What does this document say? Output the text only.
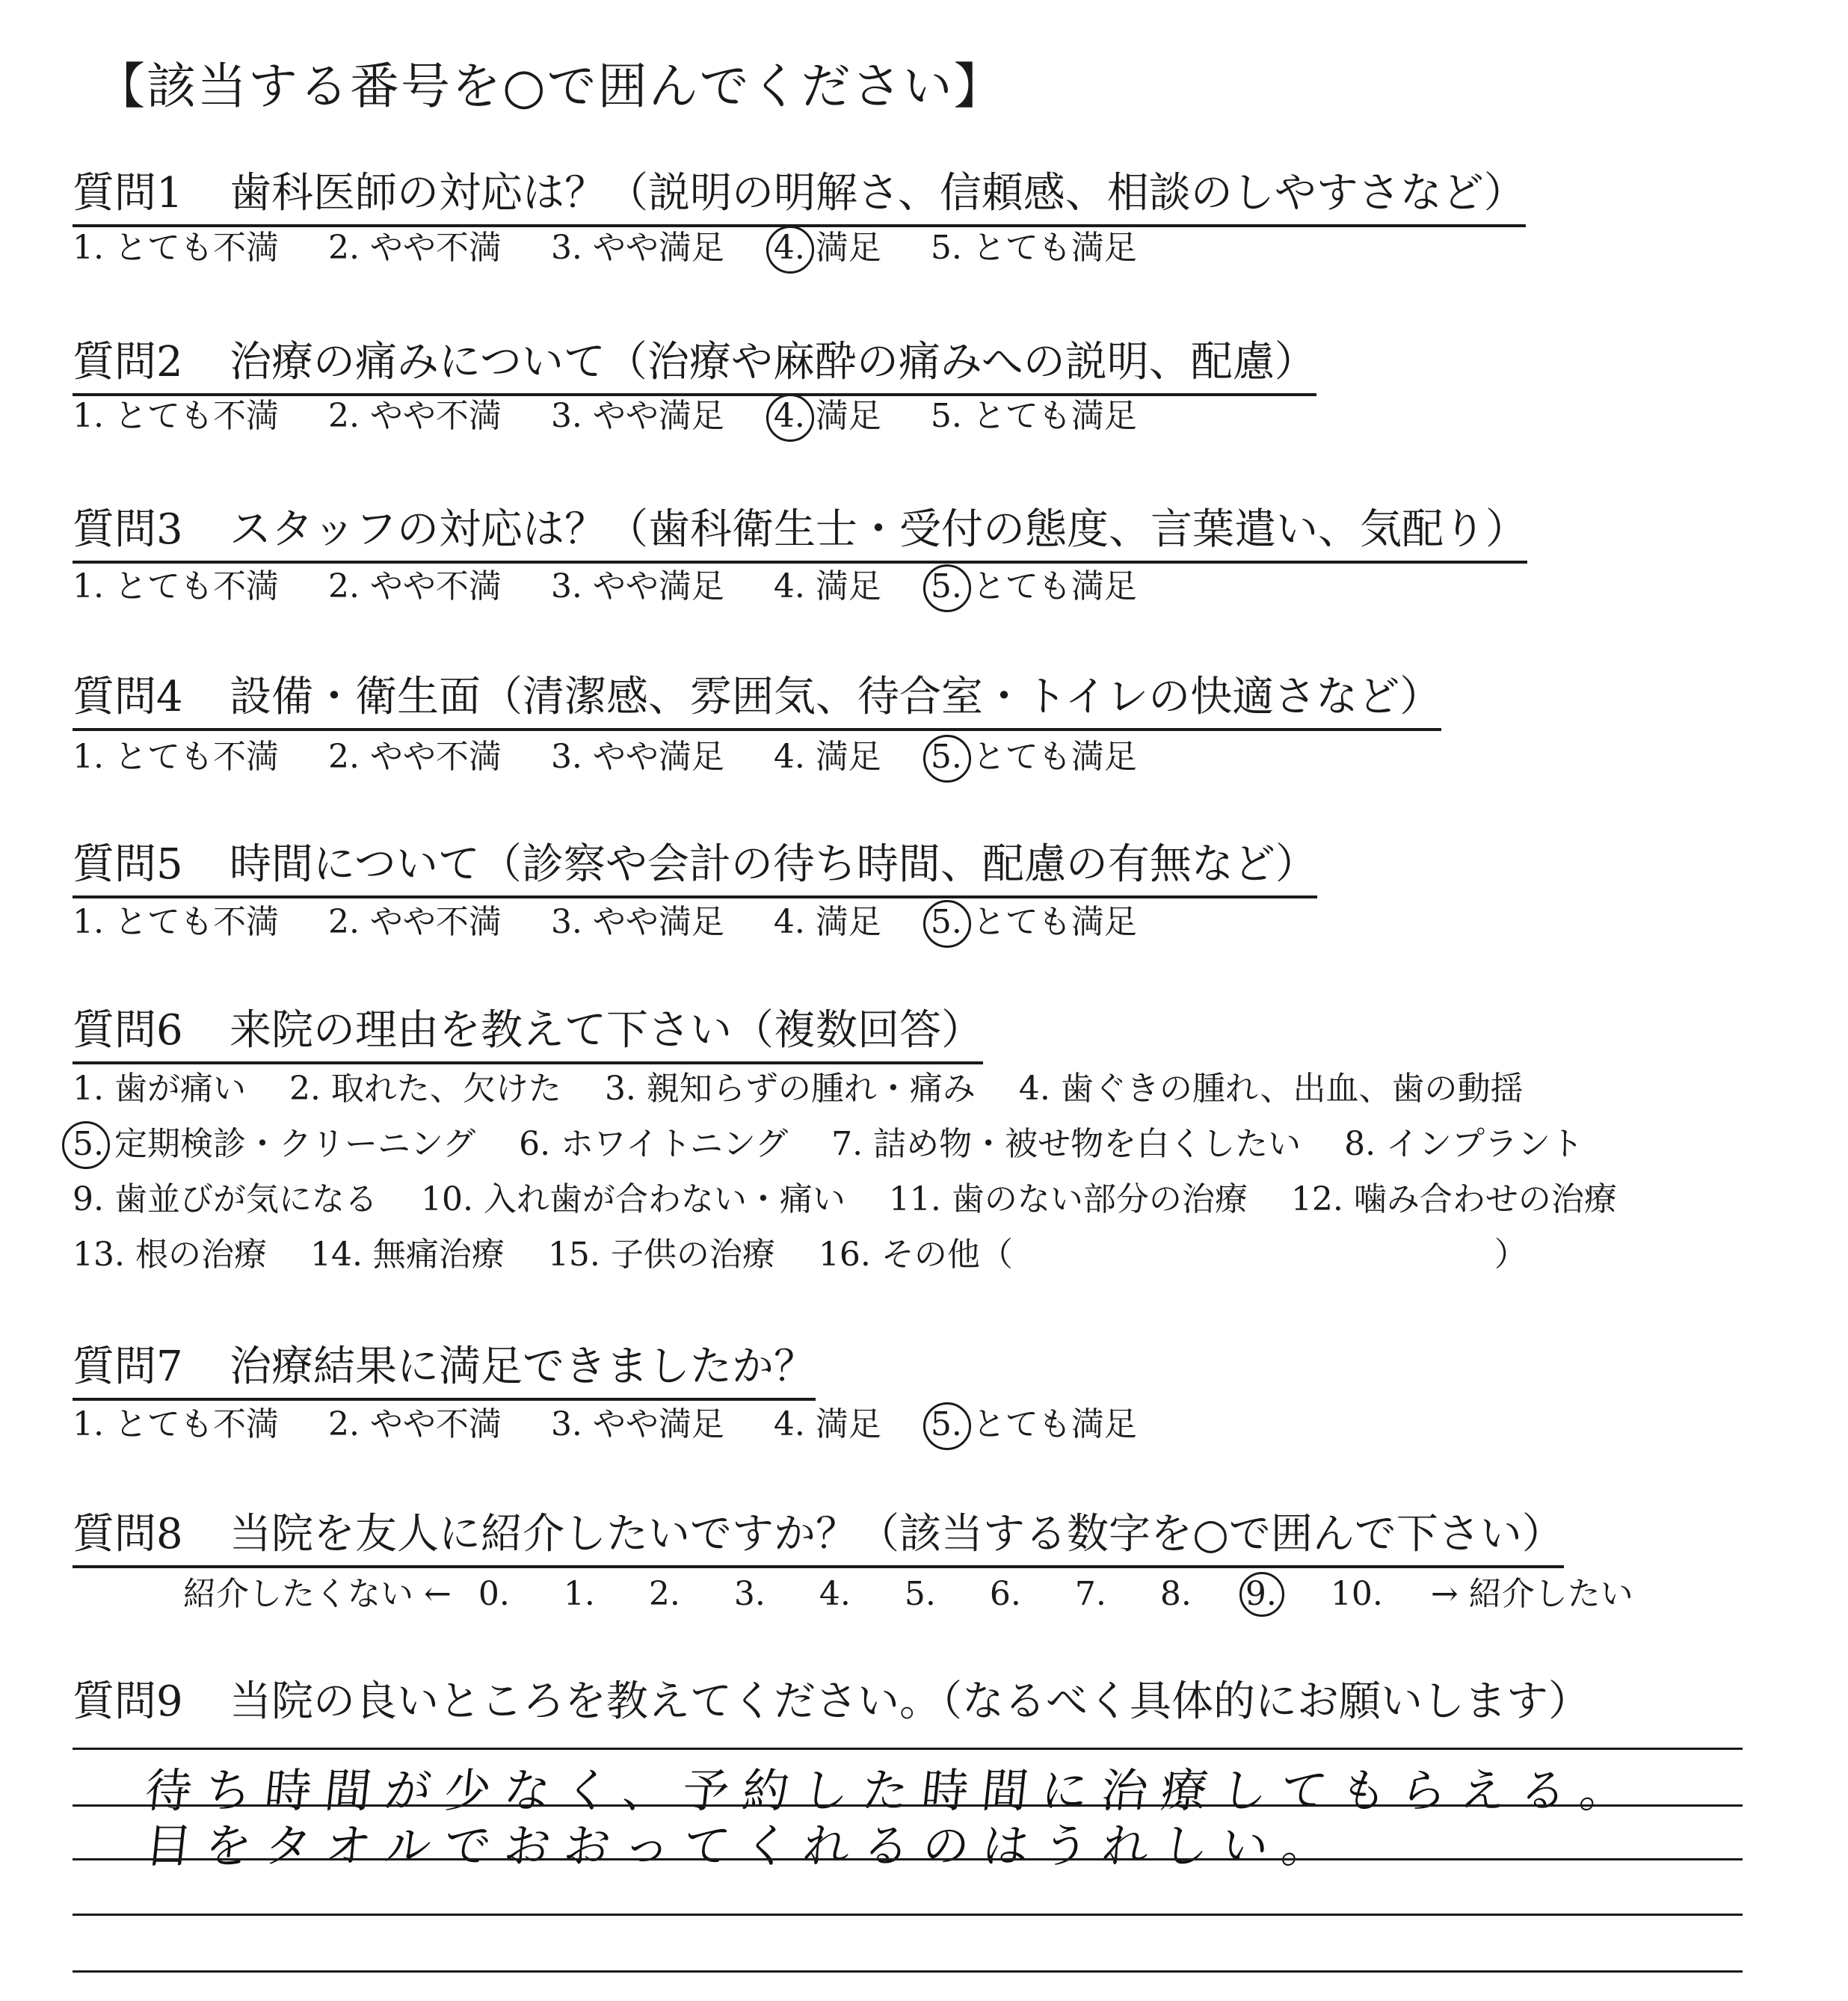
【該当する番号を○で囲んでください】
質問1 歯科医師の対応は？（説明の明解さ、信頼感、相談のしやすさなど）
1. とても不満 2. やや不満 3. やや満足 4. 満足 5. とても満足
質問2 治療の痛みについて（治療や麻酔の痛みへの説明、配慮）
1. とても不満 2. やや不満 3. やや満足 4. 満足 5. とても満足
質問3 スタッフの対応は？（歯科衛生士・受付の態度、言葉遣い、気配り）
1. とても不満 2. やや不満 3. やや満足 4. 満足 5. とても満足
質問4 設備・衛生面（清潔感、雰囲気、待合室・トイレの快適さなど）
1. とても不満 2. やや不満 3. やや満足 4. 満足 5. とても満足
質問5 時間について（診察や会計の待ち時間、配慮の有無など）
1. とても不満 2. やや不満 3. やや満足 4. 満足 5. とても満足
質問6 来院の理由を教えて下さい（複数回答）
1. 歯が痛い 2. 取れた、欠けた 3. 親知らずの腫れ・痛み 4. 歯ぐきの腫れ、出血、歯の動揺
5. 定期検診・クリーニング 6. ホワイトニング 7. 詰め物・被せ物を白くしたい 8. インプラント
9. 歯並びが気になる 10. 入れ歯が合わない・痛い 11. 歯のない部分の治療 12. 噛み合わせの治療
13. 根の治療 14. 無痛治療 15. 子供の治療 16. その他（	）
質問7 治療結果に満足できましたか？
1. とても不満 2. やや不満 3. やや満足 4. 満足 5. とても満足
質問8 当院を友人に紹介したいですか？（該当する数字を○で囲んで下さい）
紹介したくない ← 0. 1. 2. 3. 4. 5. 6. 7. 8. 9. 10. → 紹介したい
質問9 当院の良いところを教えてください。（なるべく具体的にお願いします）
待ち時間が少なく、予約した時間に治療してもらえる。
目をタオルでおおってくれるのはうれしい。
